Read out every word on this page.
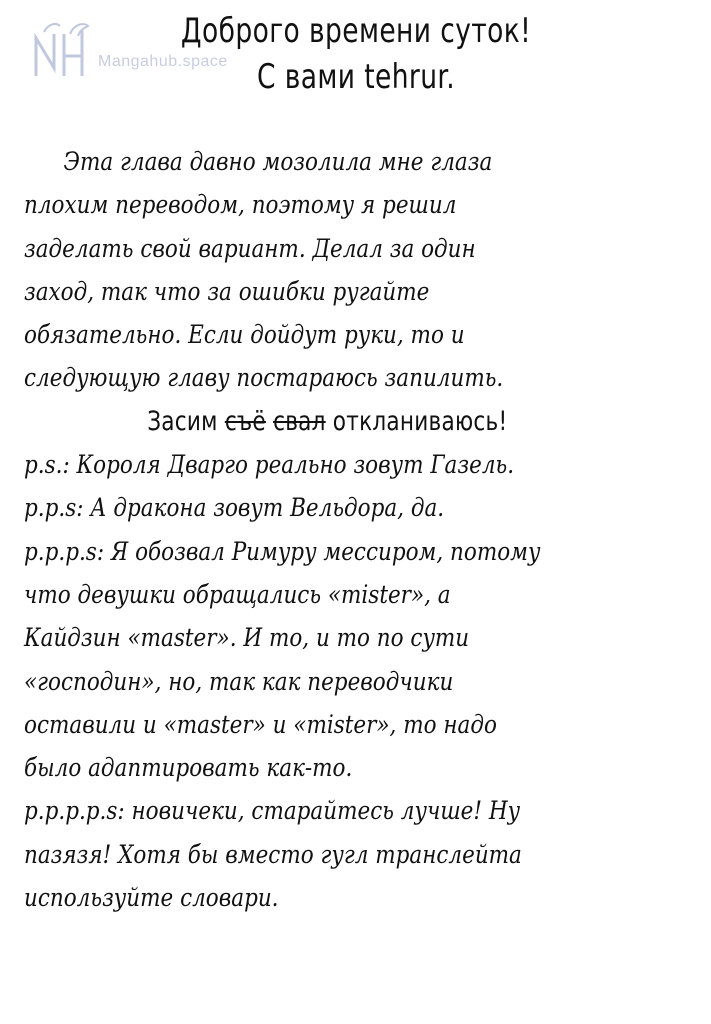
Mangahub.space
Доброго времени суток!
С вами tehrur.
Эта глава давно мозолила мне глаза
плохим переводом, поэтому я решил
заделать свой вариант. Делал за один
заход, так что за ошибки ругайте
обязательно. Если дойдут руки, то и
следующую главу постараюсь запилить.
Засим съё свал откланиваюсь!
p.s.: Короля Дварго реально зовут Газель.
p.p.s: А дракона зовут Вельдора, да.
p.p.p.s: Я обозвал Римуру мессиром, потому
что девушки обращались «mister», а
Кайдзин «master». И то, и то по сути
«господин», но, так как переводчики
оставили и «master» и «mister», то надо
было адаптировать как-то.
p.p.p.p.s: новичеки, старайтесь лучше! Ну
пазязя! Хотя бы вместо гугл транслейта
используйте словари.
